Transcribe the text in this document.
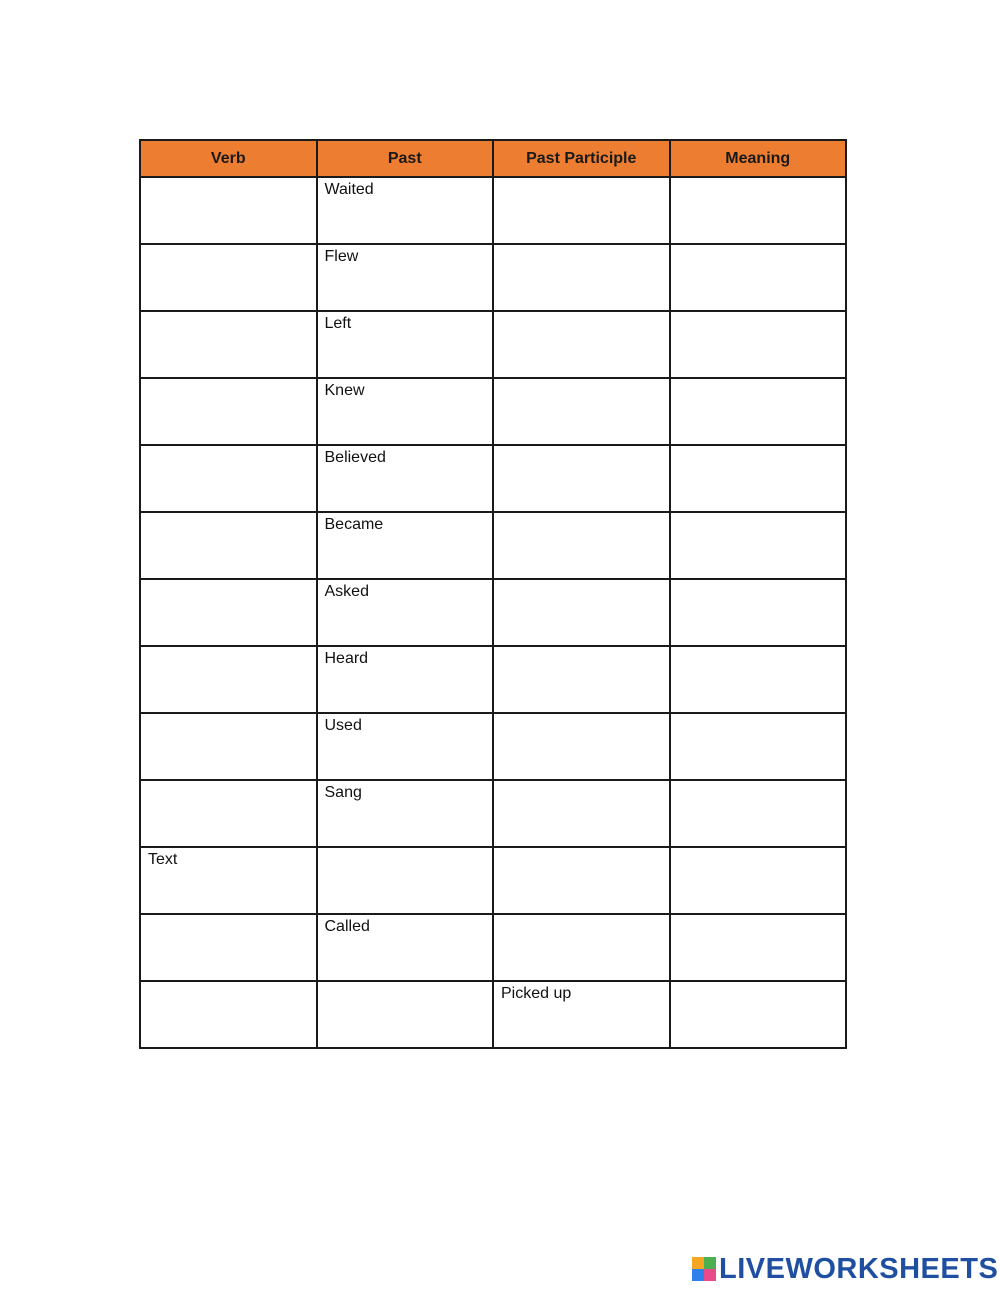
Verb	Past	Past Participle	Meaning

	Waited		

	Flew		

	Left		

	Knew		

	Believed		

	Became		

	Asked		

	Heard		

	Used		

	Sang		

Text			

	Called		

		Picked up	

LIVEWORKSHEETS
